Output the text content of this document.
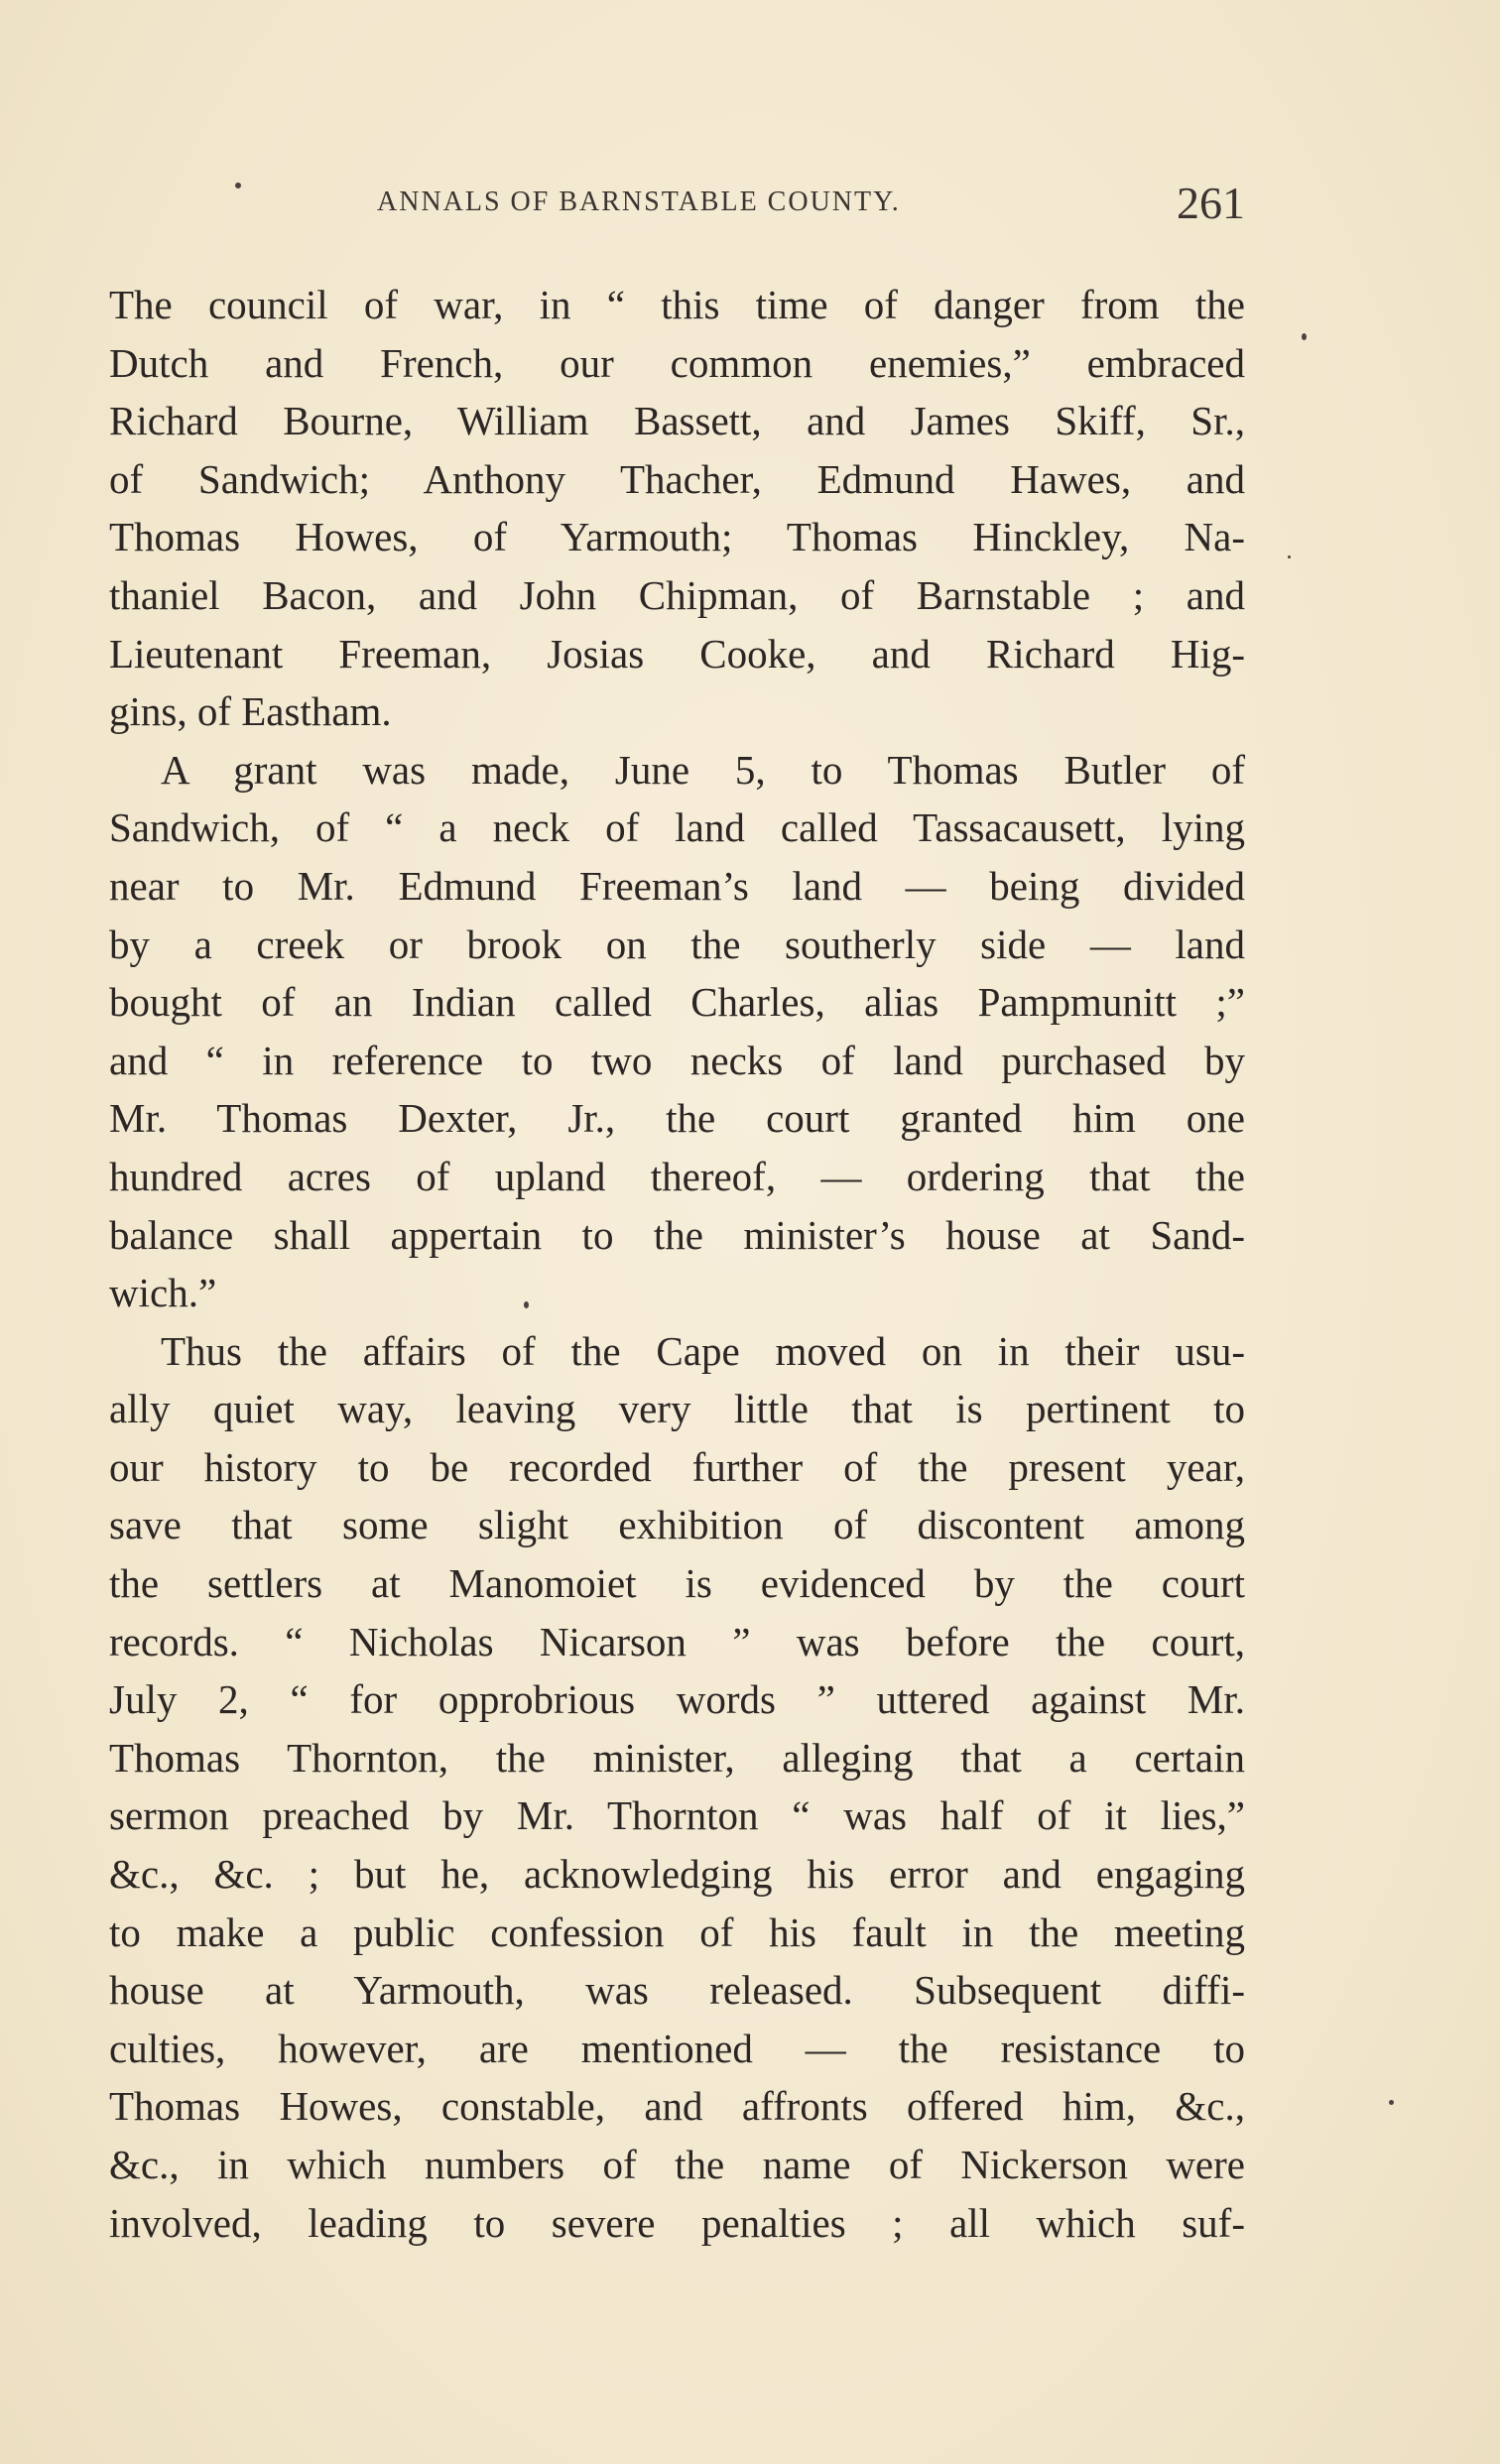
ANNALS OF BARNSTABLE COUNTY.	261
The council of war, in “ this time of danger from the
Dutch and French, our common enemies,” embraced
Richard Bourne, William Bassett, and James Skiff, Sr.,
of Sandwich; Anthony Thacher, Edmund Hawes, and
Thomas Howes, of Yarmouth; Thomas Hinckley, Na-
thaniel Bacon, and John Chipman, of Barnstable ; and
Lieutenant Freeman, Josias Cooke, and Richard Hig-
gins, of Eastham.
A grant was made, June 5, to Thomas Butler of
Sandwich, of “ a neck of land called Tassacausett, lying
near to Mr. Edmund Freeman’s land — being divided
by a creek or brook on the southerly side — land
bought of an Indian called Charles, alias Pampmunitt ;”
and “ in reference to two necks of land purchased by
Mr. Thomas Dexter, Jr., the court granted him one
hundred acres of upland thereof, — ordering that the
balance shall appertain to the minister’s house at Sand-
wich.”
Thus the affairs of the Cape moved on in their usu-
ally quiet way, leaving very little that is pertinent to
our history to be recorded further of the present year,
save that some slight exhibition of discontent among
the settlers at Manomoiet is evidenced by the court
records. “ Nicholas Nicarson ” was before the court,
July 2, “ for opprobrious words ” uttered against Mr.
Thomas Thornton, the minister, alleging that a certain
sermon preached by Mr. Thornton “ was half of it lies,”
&c., &c. ; but he, acknowledging his error and engaging
to make a public confession of his fault in the meeting
house at Yarmouth, was released. Subsequent diffi-
culties, however, are mentioned — the resistance to
Thomas Howes, constable, and affronts offered him, &c.,
&c., in which numbers of the name of Nickerson were
involved, leading to severe penalties ; all which suf-
